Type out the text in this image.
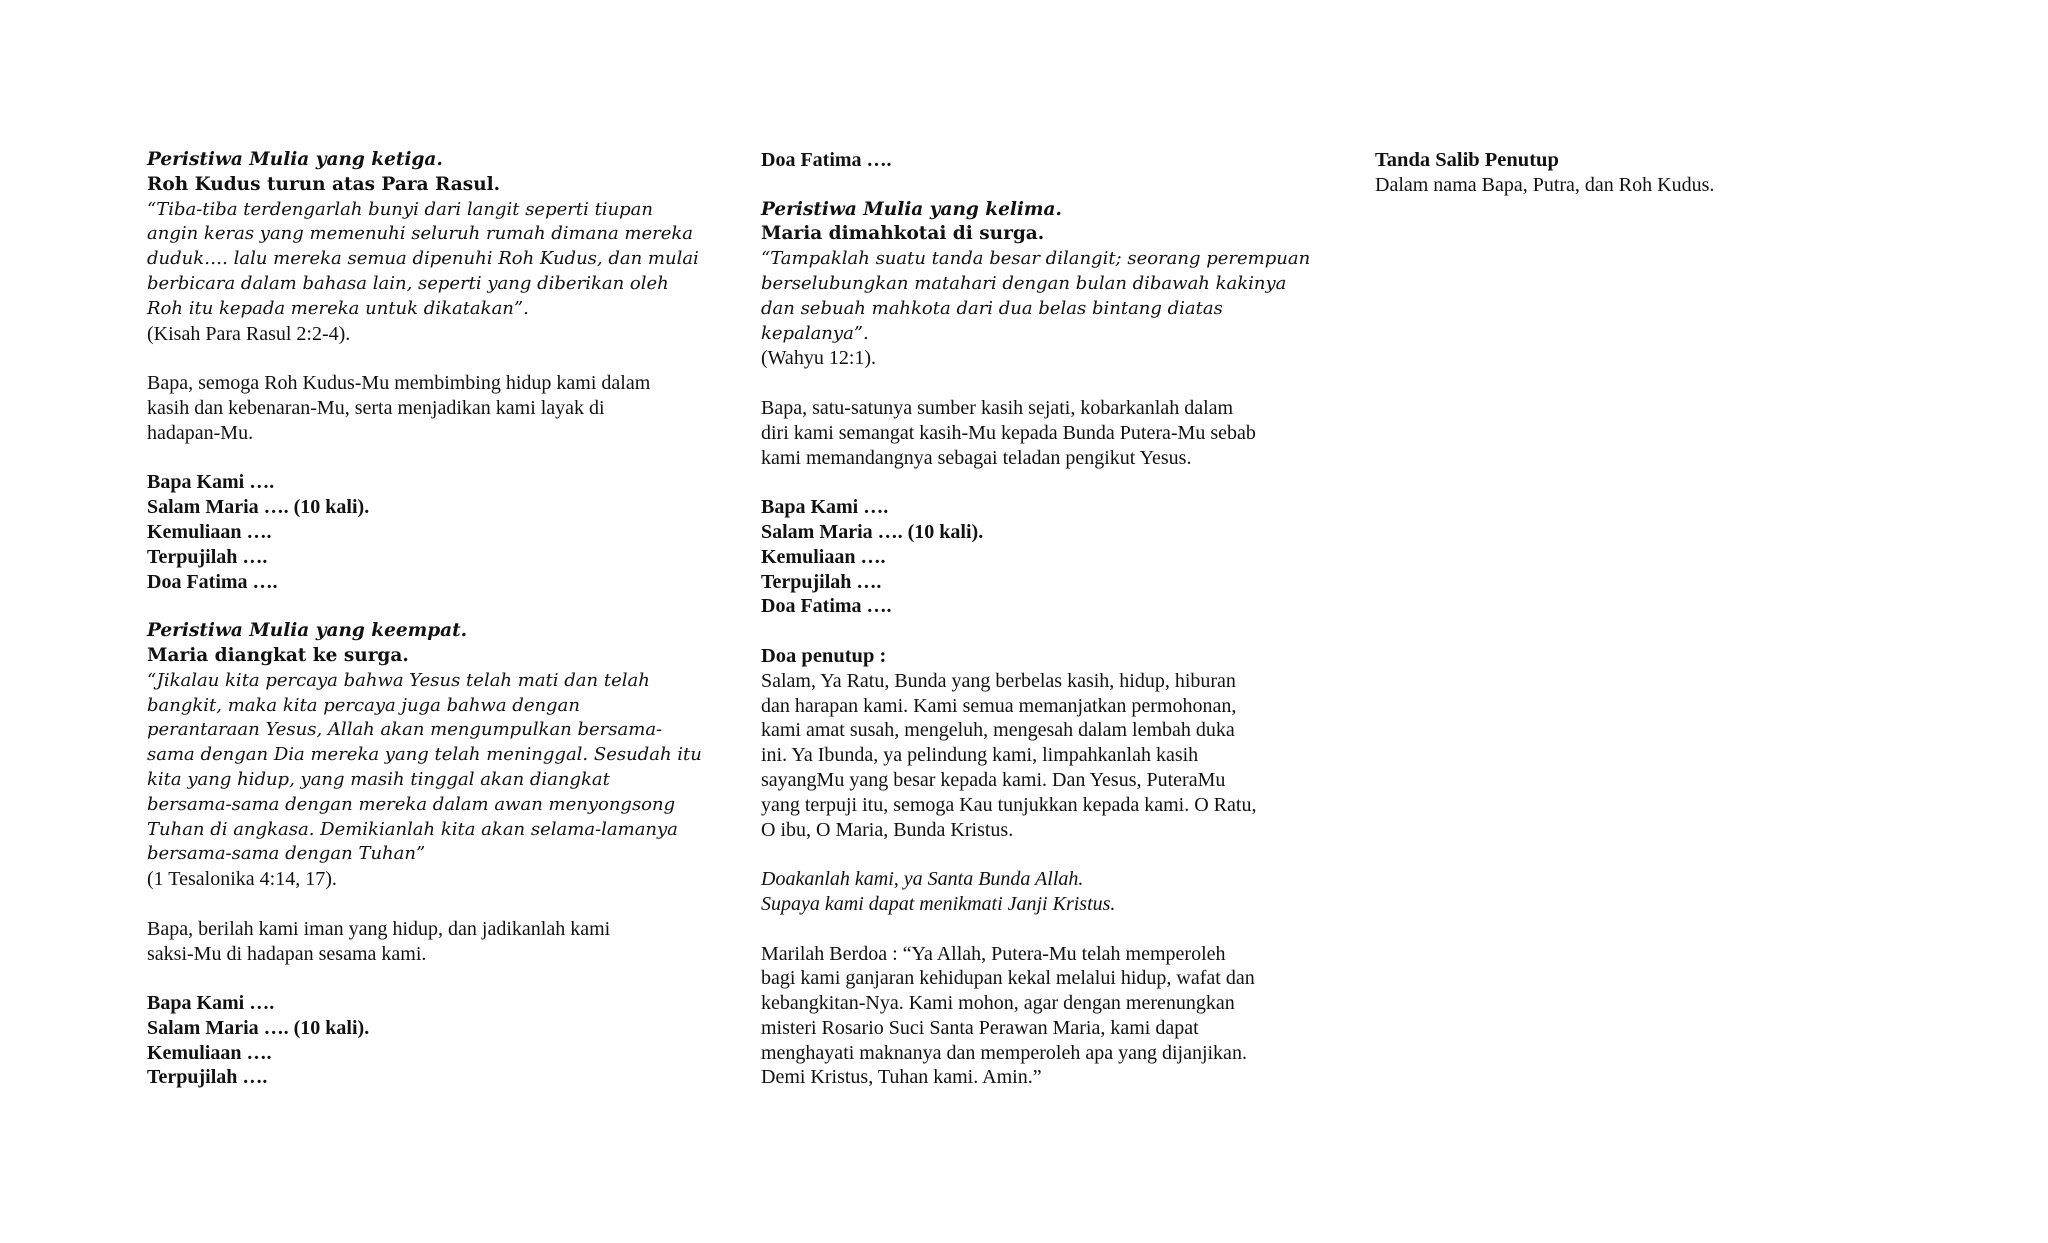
Peristiwa Mulia yang ketiga.
Roh Kudus turun atas Para Rasul.
“Tiba-tiba terdengarlah bunyi dari langit seperti tiupan
angin keras yang memenuhi seluruh rumah dimana mereka
duduk…. lalu mereka semua dipenuhi Roh Kudus, dan mulai
berbicara dalam bahasa lain, seperti yang diberikan oleh
Roh itu kepada mereka untuk dikatakan”.
(Kisah Para Rasul 2:2-4).
Bapa, semoga Roh Kudus-Mu membimbing hidup kami dalam
kasih dan kebenaran-Mu, serta menjadikan kami layak di
hadapan-Mu.
Bapa Kami ….
Salam Maria …. (10 kali).
Kemuliaan ….
Terpujilah ….
Doa Fatima ….
Peristiwa Mulia yang keempat.
Maria diangkat ke surga.
“Jikalau kita percaya bahwa Yesus telah mati dan telah
bangkit, maka kita percaya juga bahwa dengan
perantaraan Yesus, Allah akan mengumpulkan bersama-
sama dengan Dia mereka yang telah meninggal. Sesudah itu
kita yang hidup, yang masih tinggal akan diangkat
bersama-sama dengan mereka dalam awan menyongsong
Tuhan di angkasa. Demikianlah kita akan selama-lamanya
bersama-sama dengan Tuhan”
(1 Tesalonika 4:14, 17).
Bapa, berilah kami iman yang hidup, dan jadikanlah kami
saksi-Mu di hadapan sesama kami.
Bapa Kami ….
Salam Maria …. (10 kali).
Kemuliaan ….
Terpujilah ….
Doa Fatima ….
Peristiwa Mulia yang kelima.
Maria dimahkotai di surga.
“Tampaklah suatu tanda besar dilangit; seorang perempuan
berselubungkan matahari dengan bulan dibawah kakinya
dan sebuah mahkota dari dua belas bintang diatas
kepalanya”.
(Wahyu 12:1).
Bapa, satu-satunya sumber kasih sejati, kobarkanlah dalam
diri kami semangat kasih-Mu kepada Bunda Putera-Mu sebab
kami memandangnya sebagai teladan pengikut Yesus.
Bapa Kami ….
Salam Maria …. (10 kali).
Kemuliaan ….
Terpujilah ….
Doa Fatima ….
Doa penutup :
Salam, Ya Ratu, Bunda yang berbelas kasih, hidup, hiburan
dan harapan kami. Kami semua memanjatkan permohonan,
kami amat susah, mengeluh, mengesah dalam lembah duka
ini. Ya Ibunda, ya pelindung kami, limpahkanlah kasih
sayangMu yang besar kepada kami. Dan Yesus, PuteraMu
yang terpuji itu, semoga Kau tunjukkan kepada kami. O Ratu,
O ibu, O Maria, Bunda Kristus.
Doakanlah kami, ya Santa Bunda Allah.
Supaya kami dapat menikmati Janji Kristus.
Marilah Berdoa : “Ya Allah, Putera-Mu telah memperoleh
bagi kami ganjaran kehidupan kekal melalui hidup, wafat dan
kebangkitan-Nya. Kami mohon, agar dengan merenungkan
misteri Rosario Suci Santa Perawan Maria, kami dapat
menghayati maknanya dan memperoleh apa yang dijanjikan.
Demi Kristus, Tuhan kami. Amin.”
Tanda Salib Penutup
Dalam nama Bapa, Putra, dan Roh Kudus.
